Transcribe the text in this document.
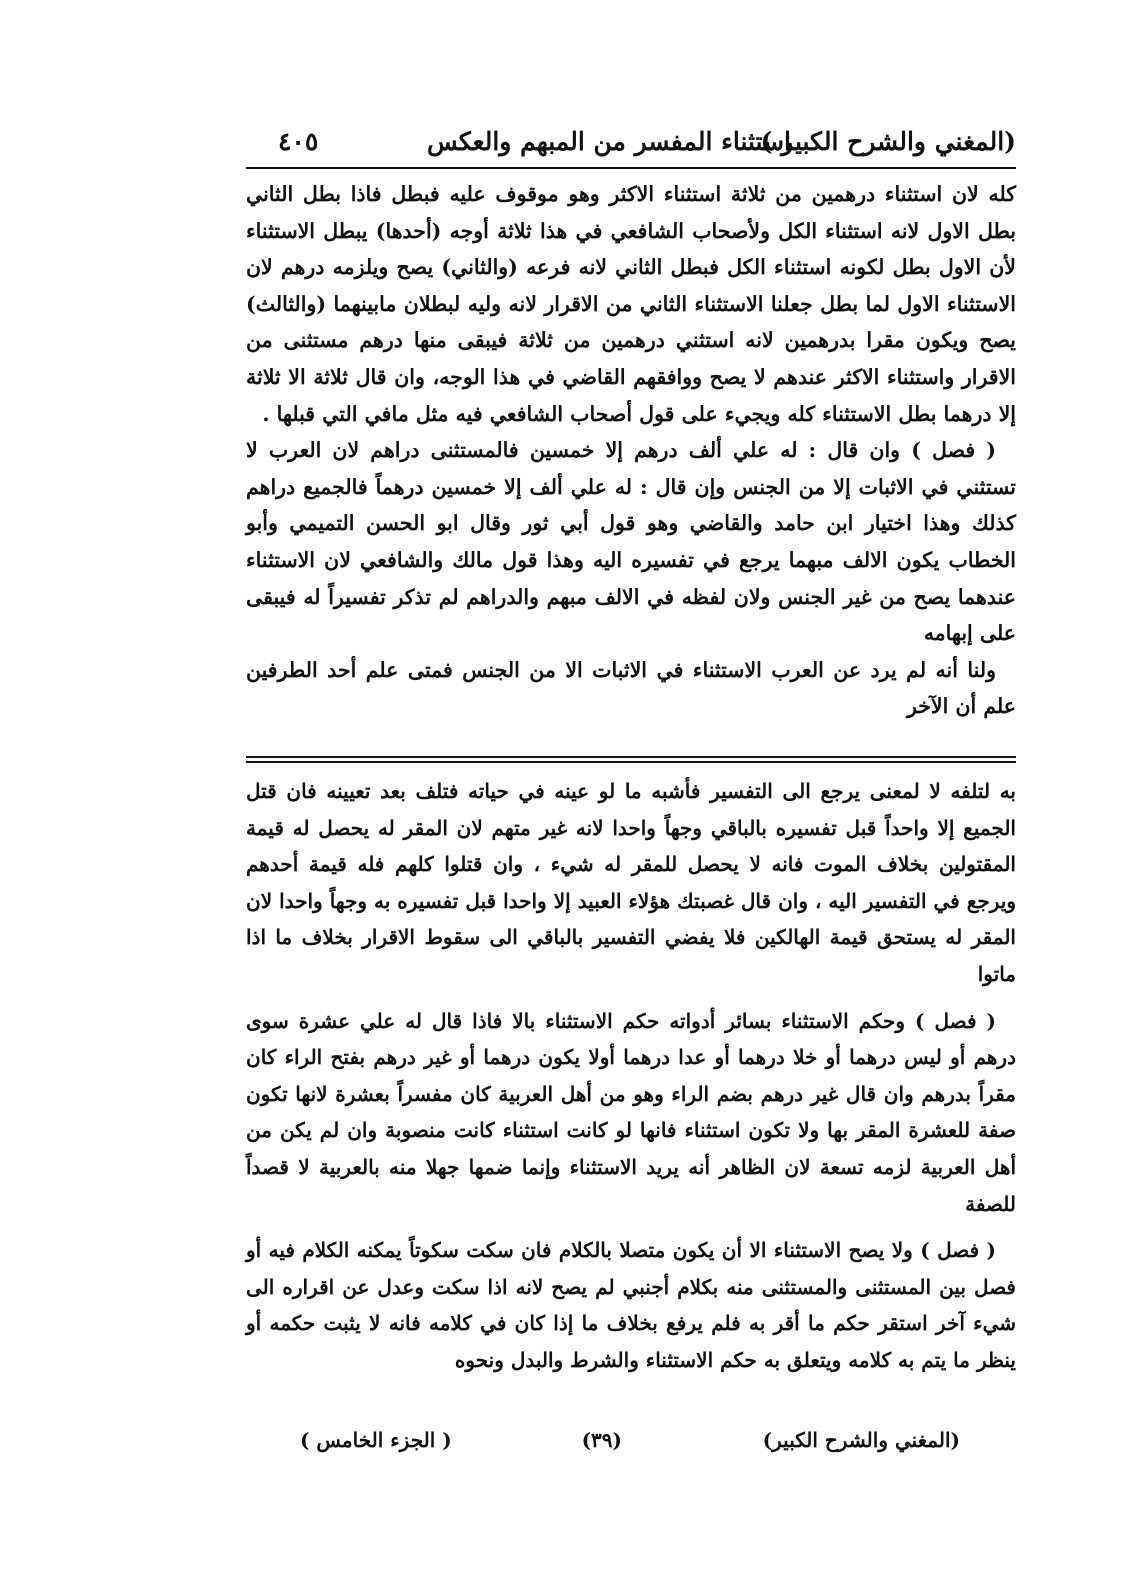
(المغني والشرح الكبير )
استثناء المفسر من المبهم والعكس
٤٠٥

كله لان استثناء درهمين من ثلاثة استثناء الاكثر وهو موقوف عليه فبطل فاذا بطل الثاني بطل الاول لانه استثناء الكل ولأصحاب الشافعي في هذا ثلاثة أوجه (أحدها) يبطل الاستثناء لأن الاول بطل لكونه استثناء الكل فبطل الثاني لانه فرعه (والثاني) يصح ويلزمه درهم لان الاستثناء الاول لما بطل جعلنا الاستثناء الثاني من الاقرار لانه وليه لبطلان مابينهما (والثالث) يصح ويكون مقرا بدرهمين لانه استثني درهمين من ثلاثة فيبقى منها درهم مستثنى من الاقرار واستثناء الاكثر عندهم لا يصح ووافقهم القاضي في هذا الوجه، وان قال ثلاثة الا ثلاثة إلا درهما بطل الاستثناء كله ويجيء على قول أصحاب الشافعي فيه مثل مافي التي قبلها .

( فصل ) وان قال : له علي ألف درهم إلا خمسين فالمستثنى دراهم لان العرب لا تستثني في الاثبات إلا من الجنس وإن قال : له علي ألف إلا خمسين درهماً فالجميع دراهم كذلك وهذا اختيار ابن حامد والقاضي وهو قول أبي ثور وقال ابو الحسن التميمي وأبو الخطاب يكون الالف مبهما يرجع في تفسيره اليه وهذا قول مالك والشافعي لان الاستثناء عندهما يصح من غير الجنس ولان لفظه في الالف مبهم والدراهم لم تذكر تفسيراً له فيبقى على إبهامه

ولنا أنه لم يرد عن العرب الاستثناء في الاثبات الا من الجنس فمتى علم أحد الطرفين علم أن الآخر

به لتلفه لا لمعنى يرجع الى التفسير فأشبه ما لو عينه في حياته فتلف بعد تعيينه فان قتل الجميع إلا واحداً قبل تفسيره بالباقي وجهاً واحدا لانه غير متهم لان المقر له يحصل له قيمة المقتولين بخلاف الموت فانه لا يحصل للمقر له شيء ، وان قتلوا كلهم فله قيمة أحدهم ويرجع في التفسير اليه ، وان قال غصبتك هؤلاء العبيد إلا واحدا قبل تفسيره به وجهاً واحدا لان المقر له يستحق قيمة الهالكين فلا يفضي التفسير بالباقي الى سقوط الاقرار بخلاف ما اذا ماتوا

( فصل ) وحكم الاستثناء بسائر أدواته حكم الاستثناء بالا فاذا قال له علي عشرة سوى درهم أو ليس درهما أو خلا درهما أو عدا درهما أولا يكون درهما أو غير درهم بفتح الراء كان مقراً بدرهم وان قال غير درهم بضم الراء وهو من أهل العربية كان مفسراً بعشرة لانها تكون صفة للعشرة المقر بها ولا تكون استثناء فانها لو كانت استثناء كانت منصوبة وان لم يكن من أهل العربية لزمه تسعة لان الظاهر أنه يريد الاستثناء وإنما ضمها جهلا منه بالعربية لا قصداً للصفة

( فصل ) ولا يصح الاستثناء الا أن يكون متصلا بالكلام فان سكت سكوتاً يمكنه الكلام فيه أو فصل بين المستثنى والمستثنى منه بكلام أجنبي لم يصح لانه اذا سكت وعدل عن اقراره الى شيء آخر استقر حكم ما أقر به فلم يرفع بخلاف ما إذا كان في كلامه فانه لا يثبت حكمه أو ينظر ما يتم به كلامه ويتعلق به حكم الاستثناء والشرط والبدل ونحوه

(المغني والشرح الكبير)
(٣٩)
( الجزء الخامس )
